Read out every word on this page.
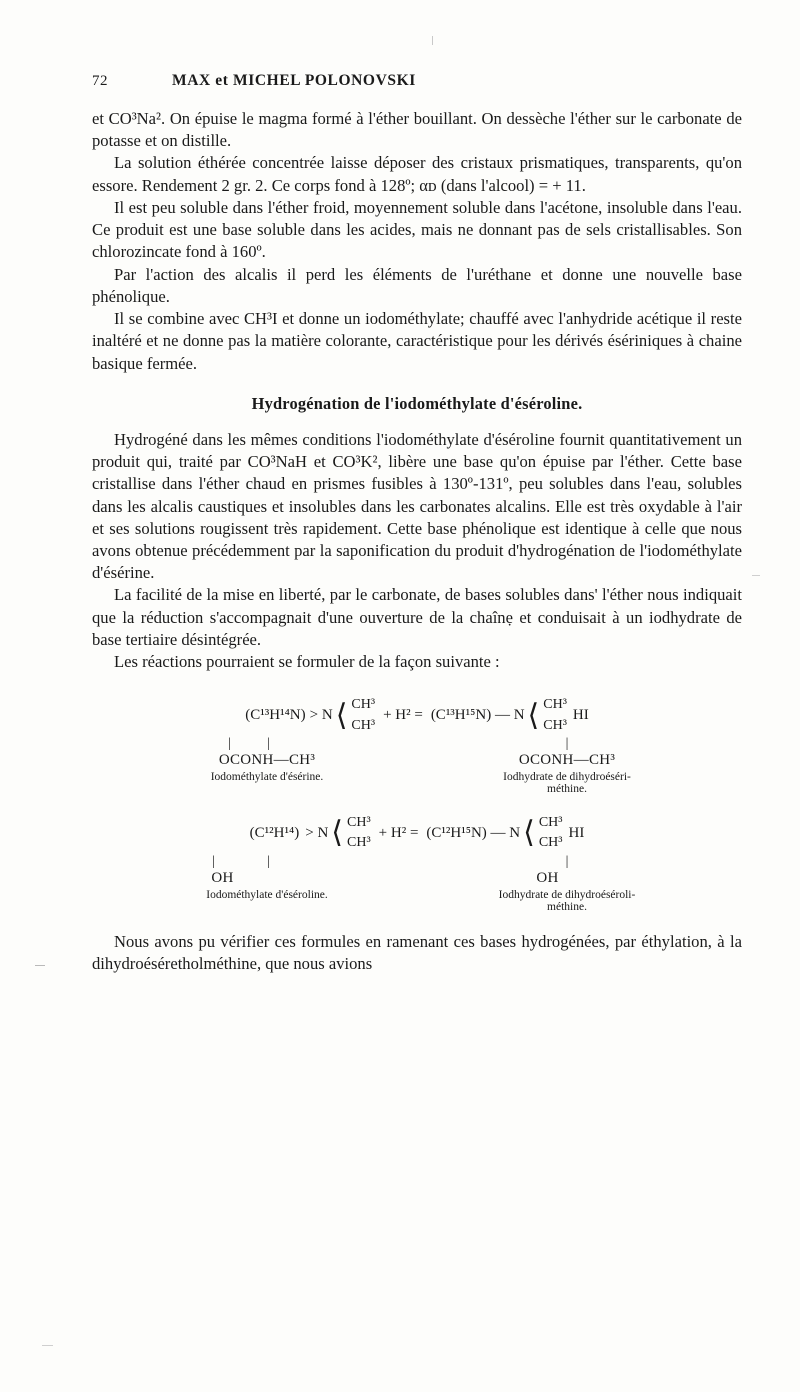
72	MAX et MICHEL POLONOVSKI

et CO³Na². On épuise le magma formé à l'éther bouillant. On dessèche l'éther sur le carbonate de potasse et on distille.

La solution éthérée concentrée laisse déposer des cristaux prismatiques, transparents, qu'on essore. Rendement 2 gr. 2. Ce corps fond à 128º; αᴅ (dans l'alcool) = + 11.

Il est peu soluble dans l'éther froid, moyennement soluble dans l'acétone, insoluble dans l'eau. Ce produit est une base soluble dans les acides, mais ne donnant pas de sels cristallisables. Son chlorozincate fond à 160º.

Par l'action des alcalis il perd les éléments de l'uréthane et donne une nouvelle base phénolique.

Il se combine avec CH³I et donne un iodométhylate; chauffé avec l'anhydride acétique il reste inaltéré et ne donne pas la matière colorante, caractéristique pour les dérivés ésériniques à chaine basique fermée.

Hydrogénation de l'iodométhylate d'éséroline.

Hydrogéné dans les mêmes conditions l'iodométhylate d'éséroline fournit quantitativement un produit qui, traité par CO³NaH et CO³K², libère une base qu'on épuise par l'éther. Cette base cristallise dans l'éther chaud en prismes fusibles à 130º-131º, peu solubles dans l'eau, solubles dans les alcalis caustiques et insolubles dans les carbonates alcalins. Elle est très oxydable à l'air et ses solutions rougissent très rapidement. Cette base phénolique est identique à celle que nous avons obtenue précédemment par la saponification du produit d'hydrogénation de l'iodométhylate d'ésérine.

La facilité de la mise en liberté, par le carbonate, de bases solubles dans' l'éther nous indiquait que la réduction s'accompagnait d'une ouverture de la chaînẹ et conduisait à un iodhydrate de base tertiaire désintégrée.

Les réactions pourraient se formuler de la façon suivante :

(C¹³H¹⁴N) > N ⟨ CH³
CH³
+ H² = (C¹³H¹⁵N) — N ⟨ CH³
CH³
HI
||	|
OCONH—CH³	OCONH—CH³
Iodométhylate d'ésérine.	Iodhydrate de dihydroéséri-
méthine.
(C¹²H¹⁴) > N ⟨ CH³
CH³
+ H² = (C¹²H¹⁵N) — N ⟨ CH³
CH³
HI
||	|
OH	OH
Iodométhylate d'éséroline.	Iodhydrate de dihydroéséroli-
méthine.

Nous avons pu vérifier ces formules en ramenant ces bases hydrogénées, par éthylation, à la dihydroéséretholméthine, que nous avions
